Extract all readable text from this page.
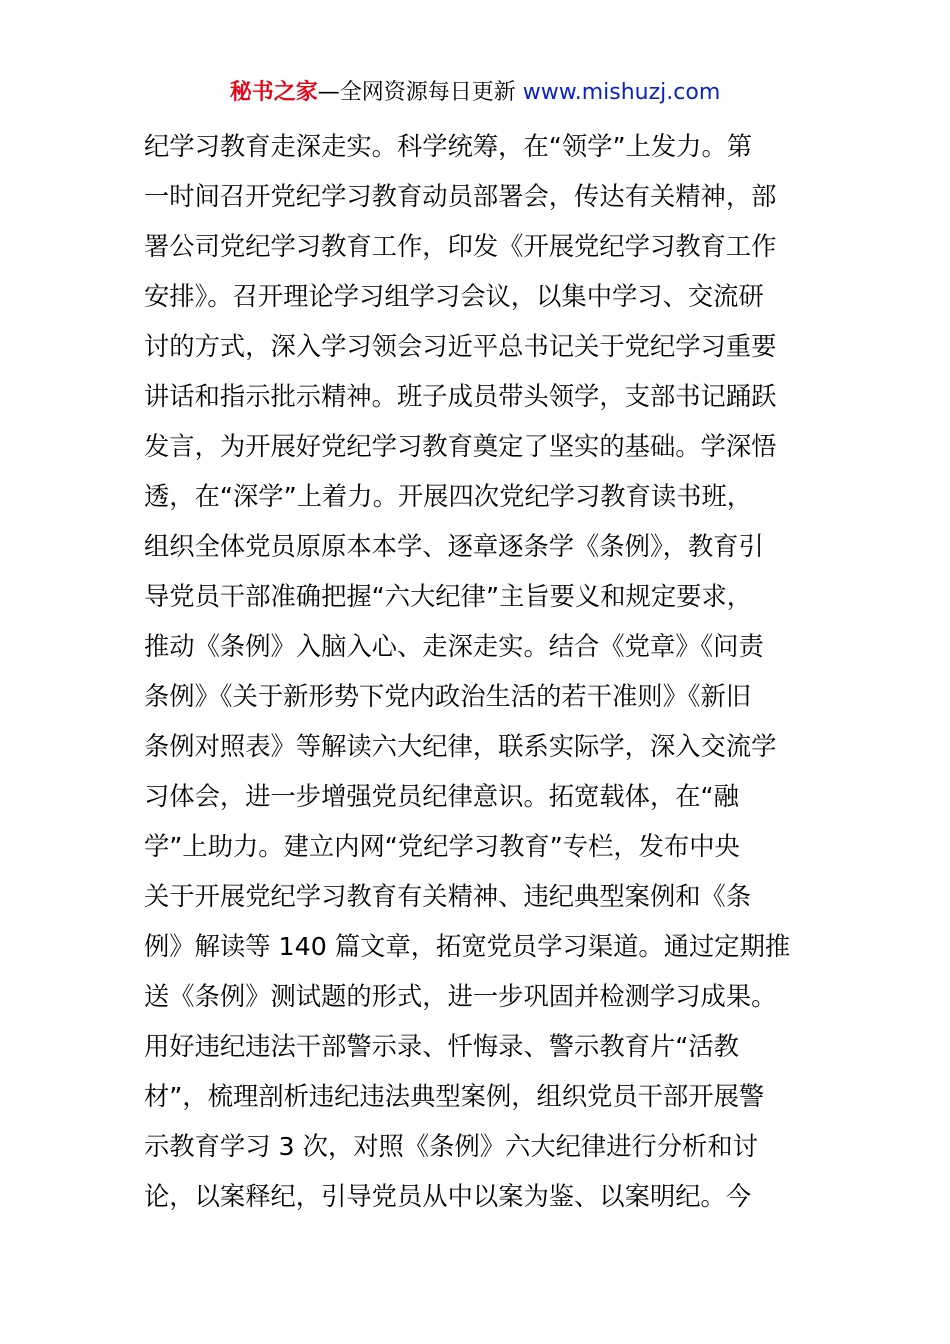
秘书之家—全网资源每日更新 www.mishuzj.com
纪学习教育走深走实。科学统筹，在“领学”上发力。第
一时间召开党纪学习教育动员部署会，传达有关精神，部
署公司党纪学习教育工作，印发《开展党纪学习教育工作
安排》。召开理论学习组学习会议，以集中学习、交流研
讨的方式，深入学习领会习近平总书记关于党纪学习重要
讲话和指示批示精神。班子成员带头领学，支部书记踊跃
发言，为开展好党纪学习教育奠定了坚实的基础。学深悟
透，在“深学”上着力。开展四次党纪学习教育读书班，
组织全体党员原原本本学、逐章逐条学《条例》，教育引
导党员干部准确把握“六大纪律”主旨要义和规定要求，
推动《条例》入脑入心、走深走实。结合《党章》《问责
条例》《关于新形势下党内政治生活的若干准则》《新旧
条例对照表》等解读六大纪律，联系实际学，深入交流学
习体会，进一步增强党员纪律意识。拓宽载体，在“融
学”上助力。建立内网“党纪学习教育”专栏，发布中央
关于开展党纪学习教育有关精神、违纪典型案例和《条
例》解读等 140 篇文章，拓宽党员学习渠道。通过定期推
送《条例》测试题的形式，进一步巩固并检测学习成果。
用好违纪违法干部警示录、忏悔录、警示教育片“活教
材”，梳理剖析违纪违法典型案例，组织党员干部开展警
示教育学习 3 次，对照《条例》六大纪律进行分析和讨
论，以案释纪，引导党员从中以案为鉴、以案明纪。今
